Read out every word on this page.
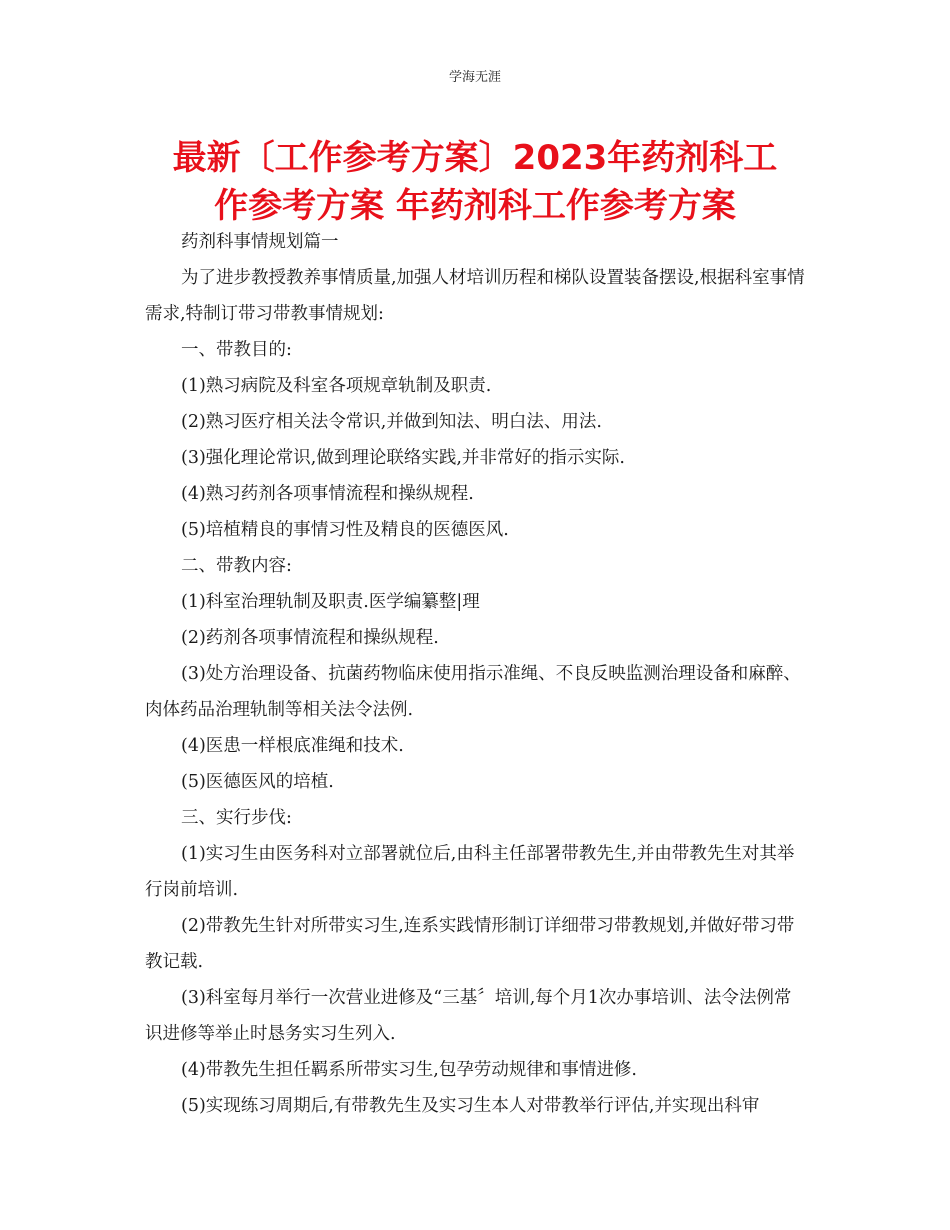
学海无涯
最新〔工作参考方案〕2023年药剂科工
作参考方案 年药剂科工作参考方案

药剂科事情规划篇一

为了进步教授教养事情质量,加强人材培训历程和梯队设置装备摆设,根据科室事情需求,特制订带习带教事情规划:

一、带教目的:

(1)熟习病院及科室各项规章轨制及职责.

(2)熟习医疗相关法令常识,并做到知法、明白法、用法.

(3)强化理论常识,做到理论联络实践,并非常好的指示实际.

(4)熟习药剂各项事情流程和操纵规程.

(5)培植精良的事情习性及精良的医德医风.

二、带教内容:

(1)科室治理轨制及职责.医学编纂整|理

(2)药剂各项事情流程和操纵规程.

(3)处方治理设备、抗菌药物临床使用指示准绳、不良反映监测治理设备和麻醉、肉体药品治理轨制等相关法令法例.

(4)医患一样根底准绳和技术.

(5)医德医风的培植.

三、实行步伐:

(1)实习生由医务科对立部署就位后,由科主任部署带教先生,并由带教先生对其举行岗前培训.

(2)带教先生针对所带实习生,连系实践情形制订详细带习带教规划,并做好带习带教记载.

(3)科室每月举行一次营业进修及“三基〞培训,每个月1次办事培训、法令法例常识进修等举止时恳务实习生列入.

(4)带教先生担任羁系所带实习生,包孕劳动规律和事情进修.

(5)实现练习周期后,有带教先生及实习生本人对带教举行评估,并实现出科审
